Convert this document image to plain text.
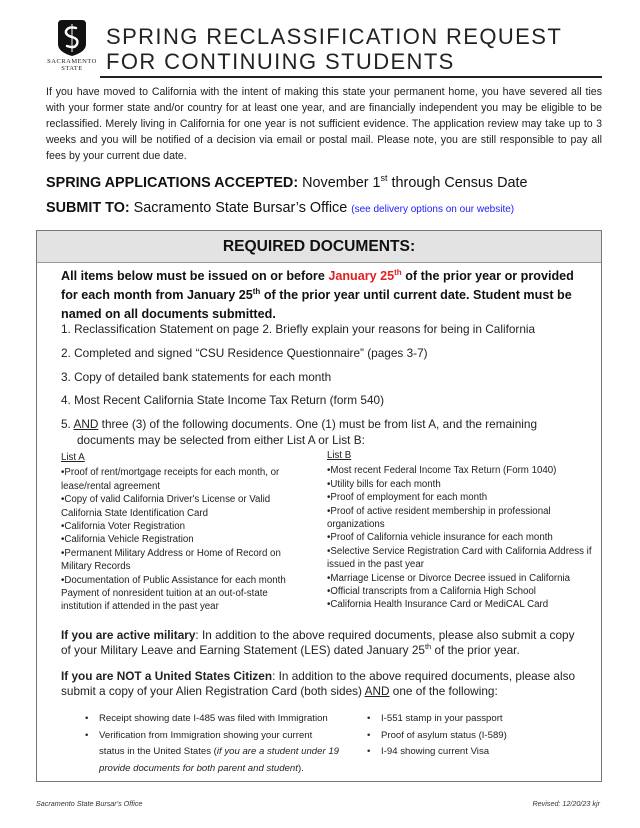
SACRAMENTO
STATE
SPRING RECLASSIFICATION REQUEST
FOR CONTINUING STUDENTS

If you have moved to California with the intent of making this state your permanent home, you have severed all ties with your former state and/or country for at least one year, and are financially independent you may be eligible to be reclassified. Merely living in California for one year is not sufficient evidence. The application review may take up to 3 weeks and you will be notified of a decision via email or postal mail. Please note, you are still responsible to pay all fees by your current due date.

SPRING APPLICATIONS ACCEPTED: November 1st through Census Date
SUBMIT TO: Sacramento State Bursar’s Office (see delivery options on our website)
REQUIRED DOCUMENTS:
All items below must be issued on or before January 25th of the prior year or provided for each month from January 25th of the prior year until current date. Student must be named on all documents submitted.
1. Reclassification Statement on page 2. Briefly explain your reasons for being in California
2. Completed and signed “CSU Residence Questionnaire” (pages 3-7)
3. Copy of detailed bank statements for each month
4. Most Recent California State Income Tax Return (form 540)
5. AND three (3) of the following documents. One (1) must be from list A, and the remaining
documents may be selected from either List A or List B:
List A
•Proof of rent/mortgage receipts for each month, or lease/rental agreement
•Copy of valid California Driver's License or Valid California State Identification Card
•California Voter Registration
•California Vehicle Registration
•Permanent Military Address or Home of Record on Military Records
•Documentation of Public Assistance for each month Payment of nonresident tuition at an out-of-state institution if attended in the past year
List B
•Most recent Federal Income Tax Return (Form 1040)
•Utility bills for each month
•Proof of employment for each month
•Proof of active resident membership in professional organizations
•Proof of California vehicle insurance for each month
•Selective Service Registration Card with California Address if issued in the past year
•Marriage License or Divorce Decree issued in California
•Official transcripts from a California High School
•California Health Insurance Card or MediCAL Card
If you are active military: In addition to the above required documents, please also submit a copy of your Military Leave and Earning Statement (LES) dated January 25th of the prior year.
If you are NOT a United States Citizen: In addition to the above required documents, please also submit a copy of your Alien Registration Card (both sides) AND one of the following:
• Receipt showing date I-485 was filed with Immigration
• Verification from Immigration showing your current
status in the United States (if you are a student under 19 provide documents for both parent and student).
• I-551 stamp in your passport
• Proof of asylum status (I-589)
• I-94 showing current Visa
Sacramento State Bursar's Office	Revised: 12/20/23 kjr
